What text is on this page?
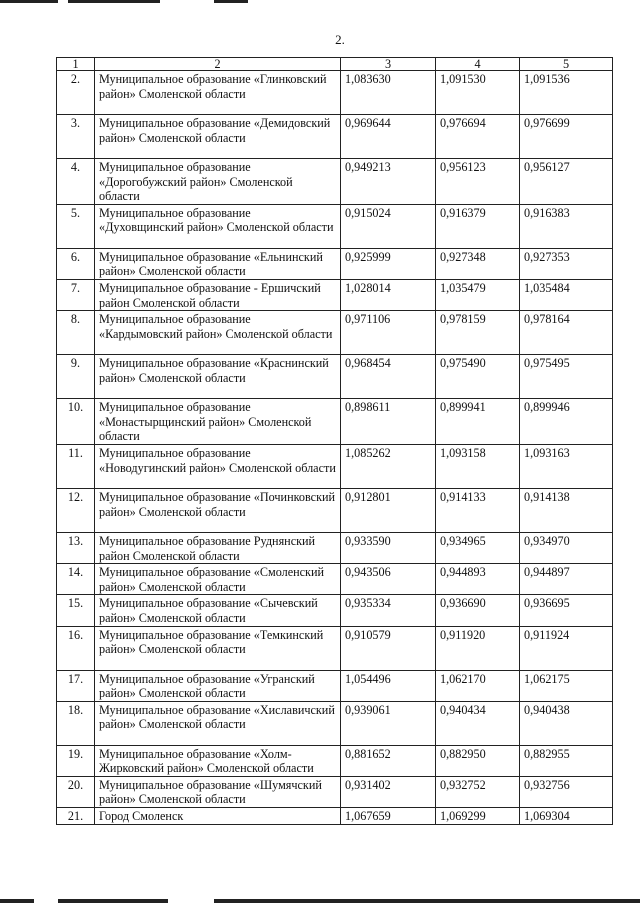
2.
1	2	3	4	5
2.	Муниципальное образование «Глинковский район» Смоленской области	1,083630	1,091530	1,091536
3.	Муниципальное образование «Демидовский район» Смоленской области	0,969644	0,976694	0,976699
4.	Муниципальное образование «Дорогобужский район» Смоленской области	0,949213	0,956123	0,956127
5.	Муниципальное образование «Духовщинский район» Смоленской области	0,915024	0,916379	0,916383
6.	Муниципальное образование «Ельнинский район» Смоленской области	0,925999	0,927348	0,927353
7.	Муниципальное образование - Ершичский район Смоленской области	1,028014	1,035479	1,035484
8.	Муниципальное образование «Кардымовский район» Смоленской области	0,971106	0,978159	0,978164
9.	Муниципальное образование «Краснинский район» Смоленской области	0,968454	0,975490	0,975495
10.	Муниципальное образование «Монастырщинский район» Смоленской области	0,898611	0,899941	0,899946
11.	Муниципальное образование «Новодугинский район» Смоленской области	1,085262	1,093158	1,093163
12.	Муниципальное образование «Починковский район» Смоленской области	0,912801	0,914133	0,914138
13.	Муниципальное образование Руднянский район Смоленской области	0,933590	0,934965	0,934970
14.	Муниципальное образование «Смоленский район» Смоленской области	0,943506	0,944893	0,944897
15.	Муниципальное образование «Сычевский район» Смоленской области	0,935334	0,936690	0,936695
16.	Муниципальное образование «Темкинский район» Смоленской области	0,910579	0,911920	0,911924
17.	Муниципальное образование «Угранский район» Смоленской области	1,054496	1,062170	1,062175
18.	Муниципальное образование «Хиславичский район» Смоленской области	0,939061	0,940434	0,940438
19.	Муниципальное образование «Холм-Жирковский район» Смоленской области	0,881652	0,882950	0,882955
20.	Муниципальное образование «Шумячский район» Смоленской области	0,931402	0,932752	0,932756
21.	Город Смоленск	1,067659	1,069299	1,069304
